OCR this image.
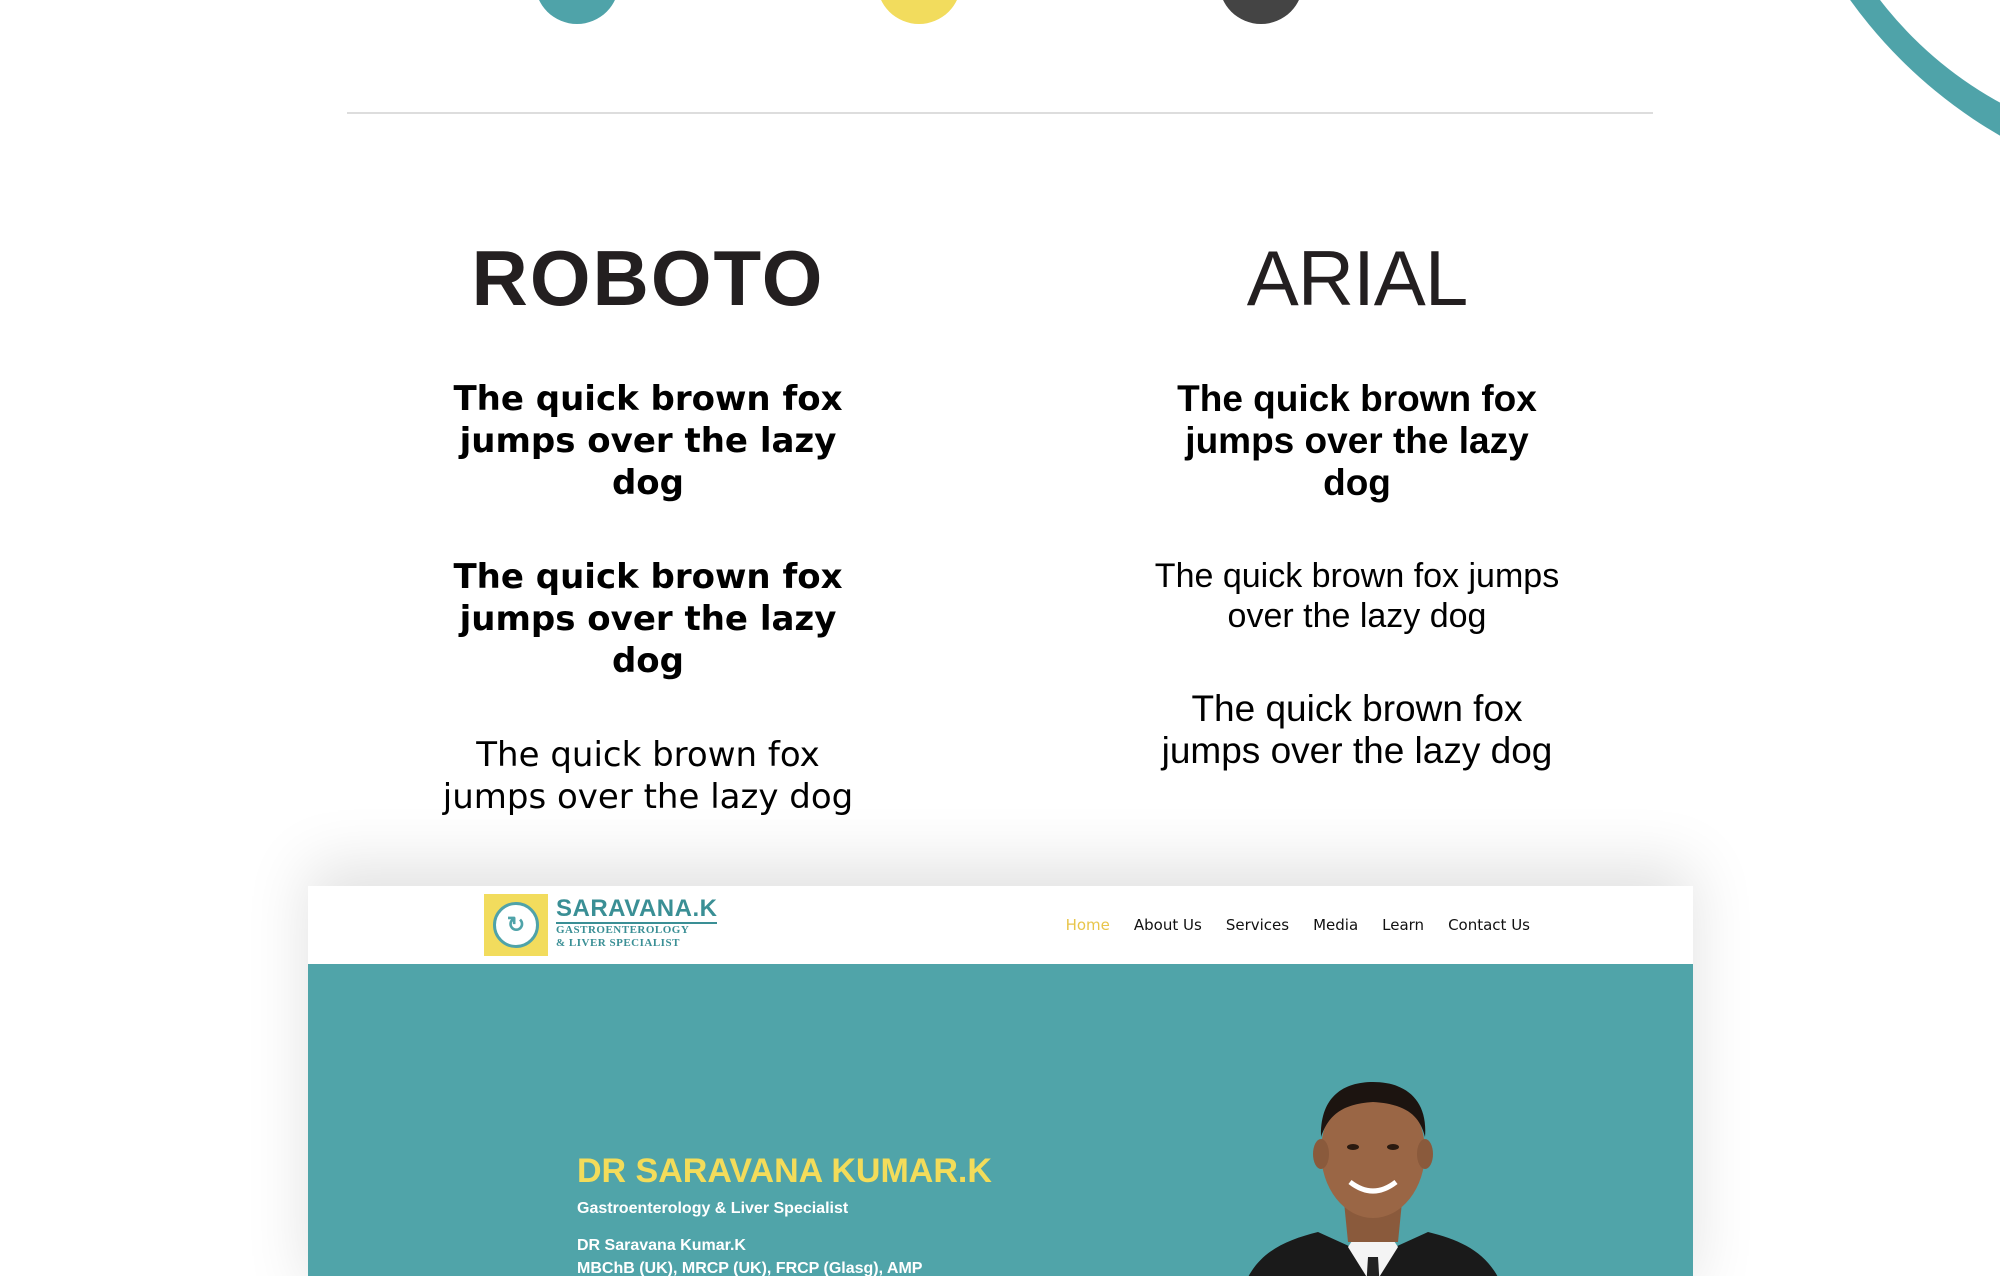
ROBOTO
The quick brown fox jumps over the lazy dog
The quick brown fox jumps over the lazy dog
The quick brown fox jumps over the lazy dog
ARIAL
The quick brown fox jumps over the lazy dog
The quick brown fox jumps over the lazy dog
The quick brown fox jumps over the lazy dog
↻
SARAVANA.K
GASTROENTEROLOGY
& LIVER SPECIALIST
Home About Us Services Media Learn Contact Us
DR SARAVANA KUMAR.K
Gastroenterology & Liver Specialist
DR Saravana Kumar.K
MBChB (UK), MRCP (UK), FRCP (Glasg), AMP
